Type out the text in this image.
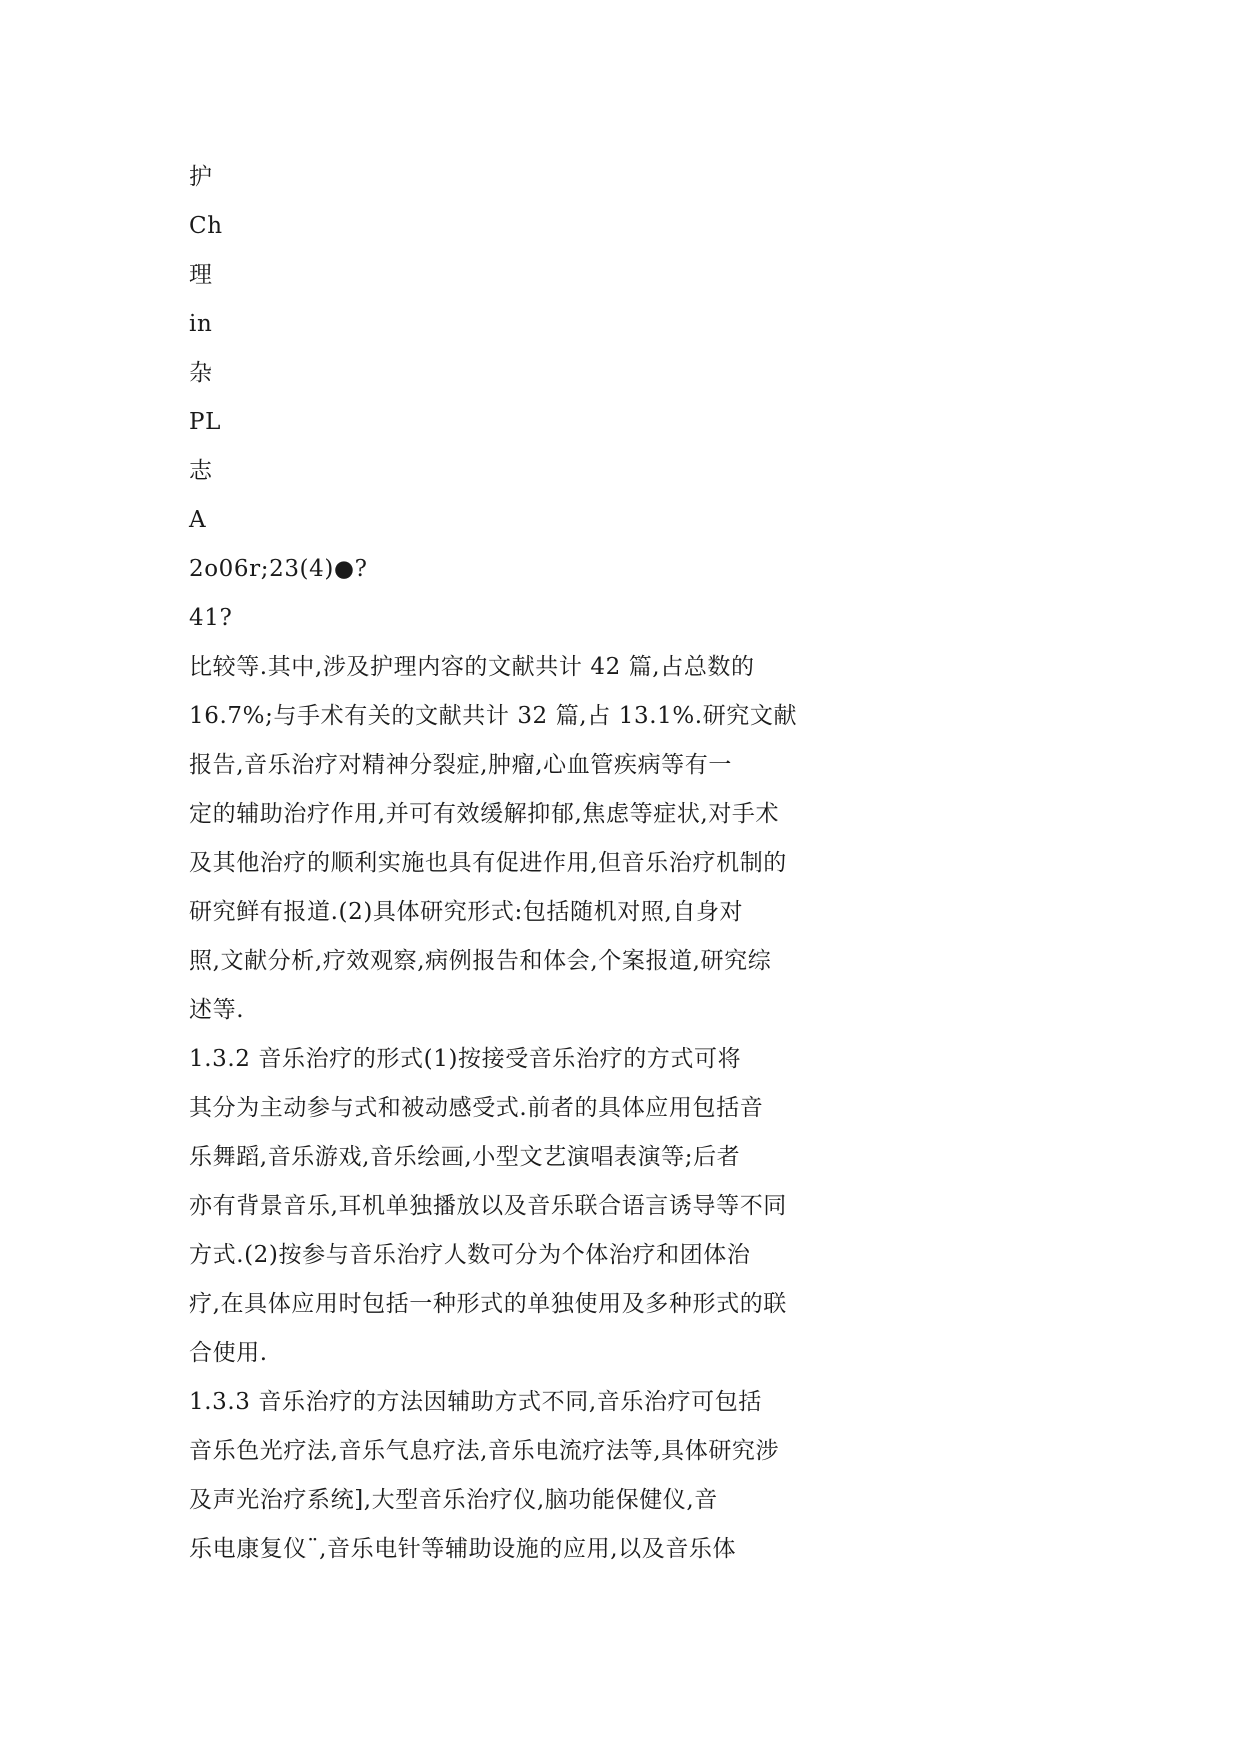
护
Ch
理
in
杂
PL
志
A
2o06r;23(4)●?
41?
比较等.其中,涉及护理内容的文献共计 42 篇,占总数的
16.7%;与手术有关的文献共计 32 篇,占 13.1%.研究文献
报告,音乐治疗对精神分裂症,肿瘤,心血管疾病等有一
定的辅助治疗作用,并可有效缓解抑郁,焦虑等症状,对手术
及其他治疗的顺利实施也具有促进作用,但音乐治疗机制的
研究鲜有报道.(2)具体研究形式:包括随机对照,自身对
照,文献分析,疗效观察,病例报告和体会,个案报道,研究综
述等.
1.3.2 音乐治疗的形式(1)按接受音乐治疗的方式可将
其分为主动参与式和被动感受式.前者的具体应用包括音
乐舞蹈,音乐游戏,音乐绘画,小型文艺演唱表演等;后者
亦有背景音乐,耳机单独播放以及音乐联合语言诱导等不同
方式.(2)按参与音乐治疗人数可分为个体治疗和团体治
疗,在具体应用时包括一种形式的单独使用及多种形式的联
合使用.
1.3.3 音乐治疗的方法因辅助方式不同,音乐治疗可包括
音乐色光疗法,音乐气息疗法,音乐电流疗法等,具体研究涉
及声光治疗系统],大型音乐治疗仪,脑功能保健仪,音
乐电康复仪¨,音乐电针等辅助设施的应用,以及音乐体
